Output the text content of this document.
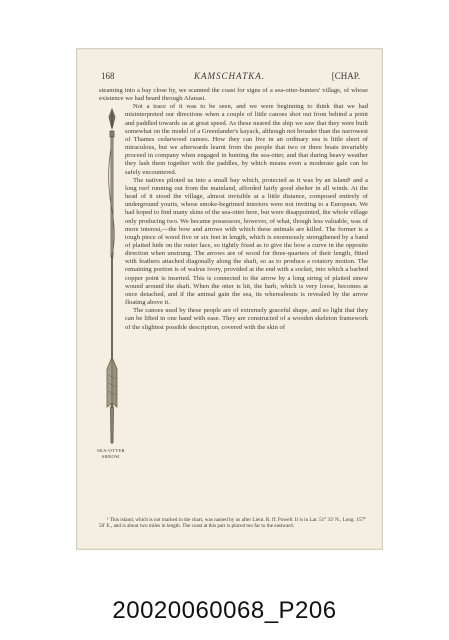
168	KAMSCHATKA.	[CHAP.

steaming into a bay close by, we scanned the coast for signs of a sea-otter-hunters' village, of whose existence we had heard through Afanasi.

SEA-OTTER ARROW.

Not a trace of it was to be seen, and we were beginning to think that we had misinterpreted our directions when a couple of little canoes shot out from behind a point and paddled towards us at great speed. As these neared the ship we saw that they were built somewhat on the model of a Greenlander's kayack, although not broader than the narrowest of Thames cedarwood canoes. How they can live in an ordinary sea is little short of miraculous, but we afterwards learnt from the people that two or three boats invariably proceed in company when engaged in hunting the sea-otter, and that during heavy weather they lash them together with the paddles, by which means even a moderate gale can be safely encountered.

The natives piloted us into a small bay which, protected as it was by an island¹ and a long reef running out from the mainland, afforded fairly good shelter in all winds. At the head of it stood the village, almost invisible at a little distance, composed entirely of underground yourts, whose smoke-begrimed interiors were not inviting to a European. We had hoped to find many skins of the sea-otter here, but were disappointed, the whole village only producing two. We became possessors, however, of what, though less valuable, was of more interest,—the bow and arrows with which these animals are killed. The former is a tough piece of wood five or six feet in length, which is enormously strengthened by a band of plaited hide on the outer face, so tightly fixed as to give the bow a curve in the opposite direction when unstrung. The arrows are of wood for three-quarters of their length, fitted with feathers attached diagonally along the shaft, so as to produce a rotatory motion. The remaining portion is of walrus ivory, provided at the end with a socket, into which a barbed copper point is inserted. This is connected to the arrow by a long string of plaited sinew wound around the shaft. When the otter is hit, the barb, which is very loose, becomes at once detached, and if the animal gain the sea, its whereabouts is revealed by the arrow floating above it.

The canoes used by these people are of extremely graceful shape, and so light that they can be lifted in one hand with ease. They are constructed of a wooden skeleton framework of the slightest possible description, covered with the skin of

¹ This island, which is not marked in the chart, was named by us after Lieut. R. ff. Powell. It is in Lat. 51° 33' N., Long. 157° 50' E., and is about two miles in length. The coast at this part is placed too far to the eastward.

20020060068_P206
